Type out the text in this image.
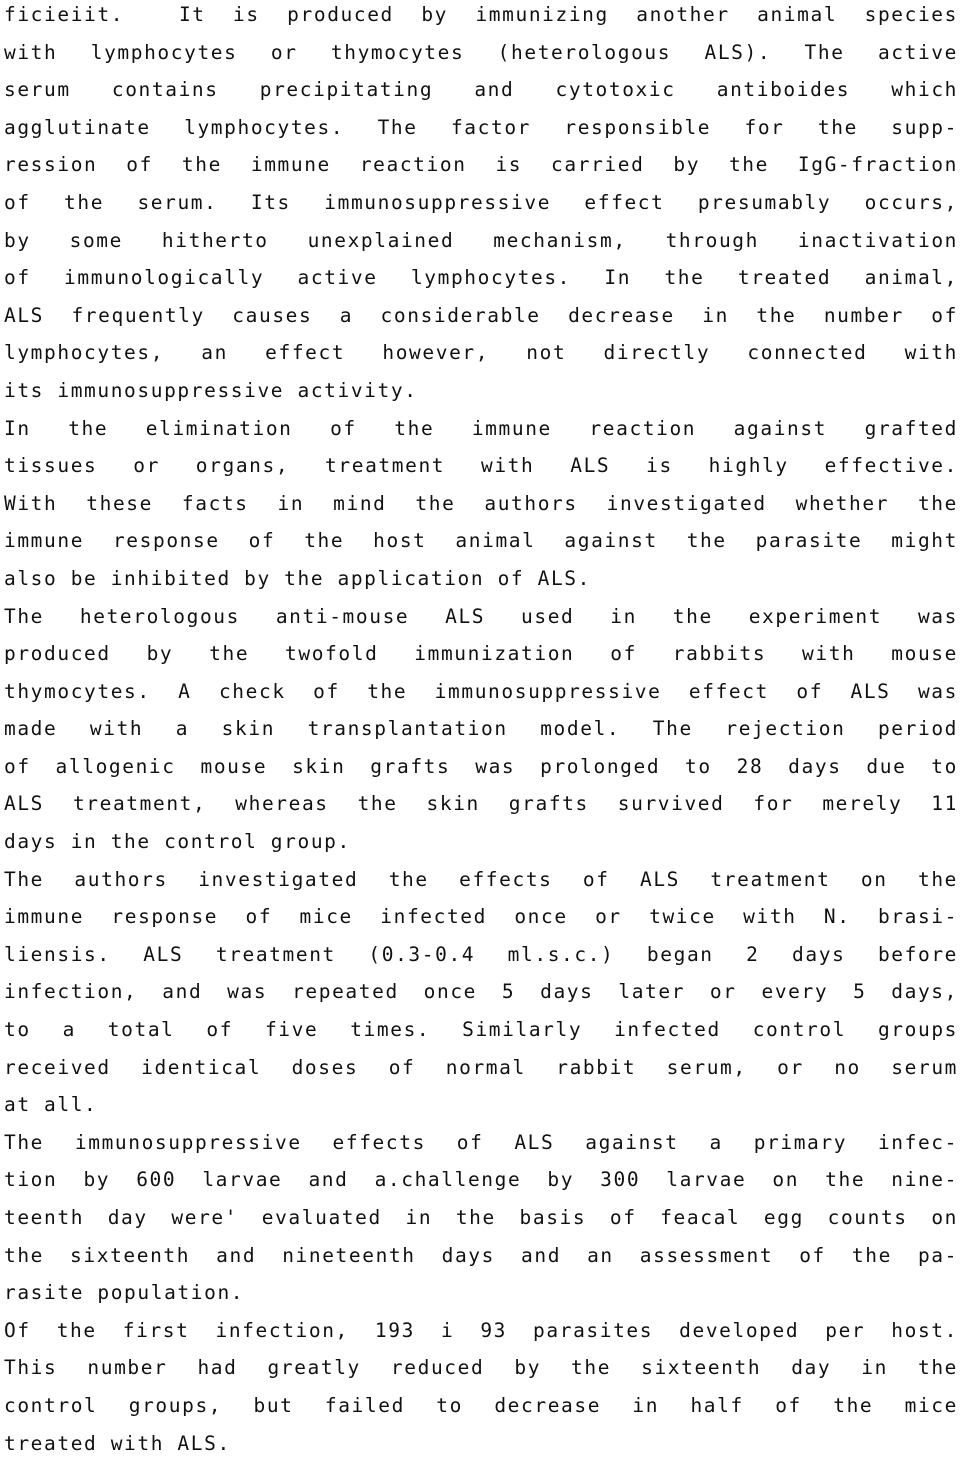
ficieiit.  It is produced by immunizing another animal species
with lymphocytes or thymocytes (heterologous ALS). The active
serum contains precipitating and cytotoxic antiboides which
agglutinate lymphocytes. The factor responsible for the supp-
ression of the immune reaction is carried by the IgG-fraction
of the serum. Its immunosuppressive effect presumably occurs,
by some hitherto unexplained mechanism, through inactivation
of immunologically active lymphocytes. In the treated animal,
ALS frequently causes a considerable decrease in the number of
lymphocytes, an effect however, not directly connected with
its immunosuppressive activity.
In the elimination of the immune reaction against grafted
tissues or organs, treatment with ALS is highly effective.
With these facts in mind the authors investigated whether the
immune response of the host animal against the parasite might
also be inhibited by the application of ALS.
The heterologous anti-mouse ALS used in the experiment was
produced by the twofold immunization of rabbits with mouse
thymocytes. A check of the immunosuppressive effect of ALS was
made with a skin transplantation model. The rejection period
of allogenic mouse skin grafts was prolonged to 28 days due to
ALS treatment, whereas the skin grafts survived for merely 11
days in the control group.
The authors investigated the effects of ALS treatment on the
immune response of mice infected once or twice with N. brasi-
liensis. ALS treatment (0.3-0.4 ml.s.c.) began 2 days before
infection, and was repeated once 5 days later or every 5 days,
to a total of five times. Similarly infected control groups
received identical doses of normal rabbit serum, or no serum
at all.
The immunosuppressive effects of ALS against a primary infec-
tion by 600 larvae and a.challenge by 300 larvae on the nine-
teenth day were' evaluated in the basis of feacal egg counts on
the sixteenth and nineteenth days and an assessment of the pa-
rasite population.
Of the first infection, 193 i 93 parasites developed per host.
This number had greatly reduced by the sixteenth day in the
control groups, but failed to decrease in half of the mice
treated with ALS.
